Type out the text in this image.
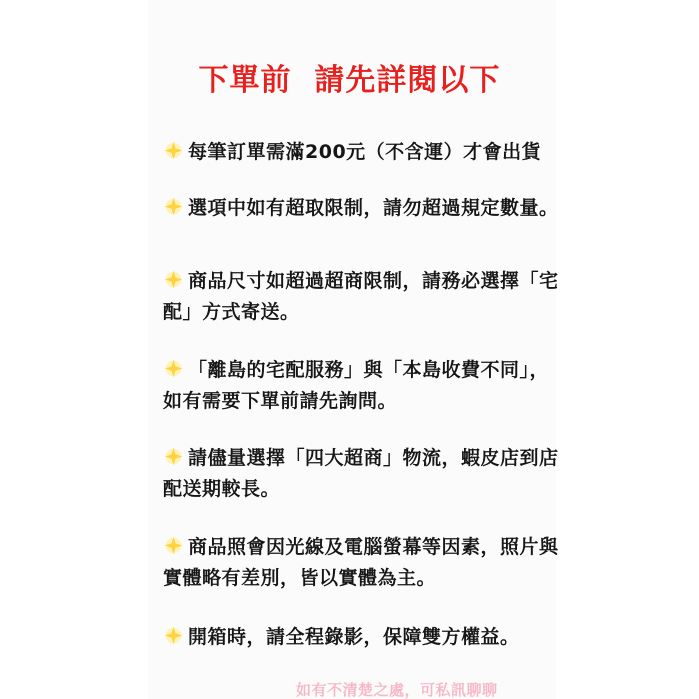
下單前  請先詳閱以下
每筆訂單需滿200元（不含運）才會出貨
選項中如有超取限制，請勿超過規定數量。
商品尺寸如超過超商限制，請務必選擇「宅配」方式寄送。
「離島的宅配服務」與「本島收費不同」，如有需要下單前請先詢問。
請儘量選擇「四大超商」物流，蝦皮店到店配送期較長。
商品照會因光線及電腦螢幕等因素，照片與實體略有差別，皆以實體為主。
開箱時，請全程錄影，保障雙方權益。
如有不清楚之處，可私訊聊聊
